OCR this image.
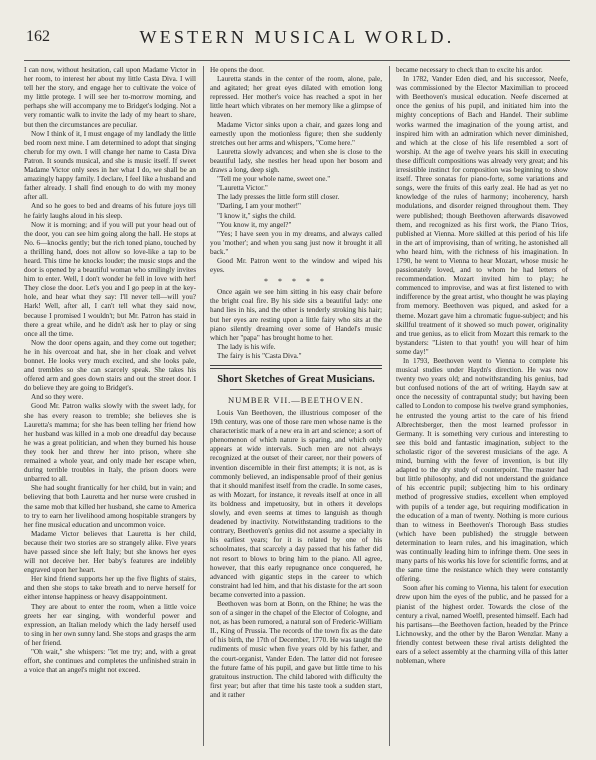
162	WESTERN MUSICAL WORLD.

I can now, without hesitation, call upon Madame Victor in her room, to interest her about my little Casta Diva. I will tell her the story, and engage her to cultivate the voice of my little protege. I will see her to-morrow morning, and perhaps she will accompany me to Bridget's lodging. Not a very romantic walk to invite the lady of my heart to share, but then the circumstances are peculiar.

Now I think of it, I must engage of my landlady the little bed room next mine. I am determined to adopt that singing cherub for my own. I will change her name to Casta Diva Patron. It sounds musical, and she is music itself. If sweet Madame Victor only sees in her what I do, we shall be an amazingly happy family. I declare, I feel like a husband and father already. I shall find enough to do with my money after all.

And so he goes to bed and dreams of his future joys till he fairly laughs aloud in his sleep.

Now it is morning; and if you will put your head out of the door, you can see him going along the hall. He stops at No. 6—knocks gently; but the rich toned piano, touched by a thrilling hand, does not allow so love-like a tap to be heard. This time he knocks louder; the music stops and the door is opened by a beautiful woman who smilingly invites him to enter. Well, I don't wonder he fell in love with her! They close the door. Let's you and I go peep in at the key-hole, and hear what they say: I'll never tell—will you? Hark! Well, after all, I can't tell what they said now, because I promised I wouldn't; but Mr. Patron has staid in there a great while, and he didn't ask her to play or sing once all the time.

Now the door opens again, and they come out together; he in his overcoat and hat, she in her cloak and velvet bonnet. He looks very much excited, and she looks pale, and trembles so she can scarcely speak. She takes his offered arm and goes down stairs and out the street door. I do believe they are going to Bridget's.

And so they were.

Good Mr. Patron walks slowly with the sweet lady, for she has every reason to tremble; she believes she is Lauretta's mamma; for she has been telling her friend how her husband was killed in a mob one dreadful day because he was a great politician, and when they burned his house they took her and threw her into prison, where she remained a whole year, and only made her escape when, during terrible troubles in Italy, the prison doors were unbarred to all.

She had sought frantically for her child, but in vain; and believing that both Lauretta and her nurse were crushed in the same mob that killed her husband, she came to America to try to earn her livelihood among hospitable strangers by her fine musical education and uncommon voice.

Madame Victor believes that Lauretta is her child, because their two stories are so strangely alike. Five years have passed since she left Italy; but she knows her eyes will not deceive her. Her baby's features are indelibly engraved upon her heart.

Her kind friend supports her up the five flights of stairs, and then she stops to take breath and to nerve herself for either intense happiness or heavy disappointment.

They are about to enter the room, when a little voice greets her ear singing, with wonderful power and expression, an Italian melody which the lady herself used to sing in her own sunny land. She stops and grasps the arm of her friend.

"Oh wait," she whispers: "let me try; and, with a great effort, she continues and completes the unfinished strain in a voice that an angel's might not exceed.

He opens the door.

Lauretta stands in the center of the room, alone, pale, and agitated; her great eyes dilated with emotion long repressed. Her mother's voice has reached a spot in her little heart which vibrates on her memory like a glimpse of heaven.

Madame Victor sinks upon a chair, and gazes long and earnestly upon the motionless figure; then she suddenly stretches out her arms and whispers, "Come here."

Lauretta slowly advances; and when she is close to the beautiful lady, she nestles her head upon her bosom and draws a long, deep sigh.

"Tell me your whole name, sweet one."

"Lauretta Victor."

The lady presses the little form still closer.

"Darling, I am your mother!"

"I know it," sighs the child.

"You know it, my angel?"

"Yes; I have seen you in my dreams, and always called you 'mother'; and when you sang just now it brought it all back."

Good Mr. Patron went to the window and wiped his eyes.

* * * * *

Once again we see him sitting in his easy chair before the bright coal fire. By his side sits a beautiful lady: one hand lies in his, and the other is tenderly stroking his hair; but her eyes are resting upon a little fairy who sits at the piano silently dreaming over some of Handel's music which her "papa" has brought home to her.

The lady is his wife.

The fairy is his "Casta Diva."

Short Sketches of Great Musicians.
NUMBER VII.—BEETHOVEN.

Louis Van Beethoven, the illustrious composer of the 19th century, was one of those rare men whose name is the characteristic mark of a new era in art and science; a sort of phenomenon of which nature is sparing, and which only appears at wide intervals. Such men are not always recognized at the outset of their career, nor their powers of invention discernible in their first attempts; it is not, as is commonly believed, an indispensable proof of their genius that it should manifest itself from the cradle. In some cases, as with Mozart, for instance, it reveals itself at once in all its boldness and impetuosity, but in others it develops slowly, and even seems at times to languish as though deadened by inactivity. Notwithstanding traditions to the contrary, Beethoven's genius did not assume a specialty in his earliest years; for it is related by one of his schoolmates, that scarcely a day passed that his father did not resort to blows to bring him to the piano. All agree, however, that this early repugnance once conquered, he advanced with gigantic steps in the career to which constraint had led him, and that his distaste for the art soon became converted into a passion.

Beethoven was born at Bonn, on the Rhine; he was the son of a singer in the chapel of the Elector of Cologne, and not, as has been rumored, a natural son of Frederic-William II., King of Prussia. The records of the town fix as the date of his birth, the 17th of December, 1770. He was taught the rudiments of music when five years old by his father, and the court-organist, Vander Eden. The latter did not foresee the future fame of his pupil, and gave but little time to his gratuitous instruction. The child labored with difficulty the first year; but after that time his taste took a sudden start, and it rather

became necessary to check than to excite his ardor.

In 1782, Vander Eden died, and his successor, Neefe, was commissioned by the Elector Maximilian to proceed with Beethoven's musical education. Neefe discerned at once the genius of his pupil, and initiated him into the mighty conceptions of Bach and Handel. Their sublime works warmed the imagination of the young artist, and inspired him with an admiration which never diminished, and which at the close of his life resembled a sort of worship. At the age of twelve years his skill in executing these difficult compositions was already very great; and his irresistible instinct for composition was beginning to show itself. Three sonatas for piano-forte, some variations and songs, were the fruits of this early zeal. He had as yet no knowledge of the rules of harmony; incoherency, harsh modulations, and disorder reigned throughout them. They were published; though Beethoven afterwards disavowed them, and recognized as his first work, the Piano Trios, published at Vienna. More skilled at this period of his life in the art of improvising, than of writing, he astonished all who heard him, with the richness of his imagination. In 1790, he went to Vienna to hear Mozart, whose music he passionately loved, and to whom he had letters of recommendation. Mozart invited him to play; he commenced to improvise, and was at first listened to with indifference by the great artist, who thought he was playing from memory. Beethoven was piqued, and asked for a theme. Mozart gave him a chromatic fugue-subject; and his skillful treatment of it showed so much power, originality and true genius, as to elicit from Mozart this remark to the bystanders: "Listen to that youth! you will hear of him some day!"

In 1793, Beethoven went to Vienna to complete his musical studies under Haydn's direction. He was now twenty two years old; and notwithstanding his genius, bad but confused notions of the art of writing. Haydn saw at once the necessity of contrapuntal study; but having been called to London to compose his twelve grand symphonies, he entrusted the young artist to the care of his friend Albrechtsberger, then the most learned professor in Germany. It is something very curious and interesting to see this bold and fantastic imagination, subject to the scholastic rigor of the severest musicians of the age. A mind, burning with the fever of invention, is but illy adapted to the dry study of counterpoint. The master had but little philosophy, and did not understand the guidance of his eccentric pupil; subjecting him to his ordinary method of progressive studies, excellent when employed with pupils of a tender age, but requiring modification in the education of a man of twenty. Nothing is more curious than to witness in Beethoven's Thorough Bass studies (which have been published) the struggle between determination to learn rules, and his imagination, which was continually leading him to infringe them. One sees in many parts of his works his love for scientific forms, and at the same time the resistance which they were constantly offering.

Soon after his coming to Vienna, his talent for execution drew upon him the eyes of the public, and he passed for a pianist of the highest order. Towards the close of the century a rival, named Woelfl, presented himself. Each had his partisans—the Beethoven faction, headed by the Prince Lichnowsky, and the other by the Baron Wenzlar. Many a friendly contest between these rival artists delighted the ears of a select assembly at the charming villa of this latter nobleman, where
